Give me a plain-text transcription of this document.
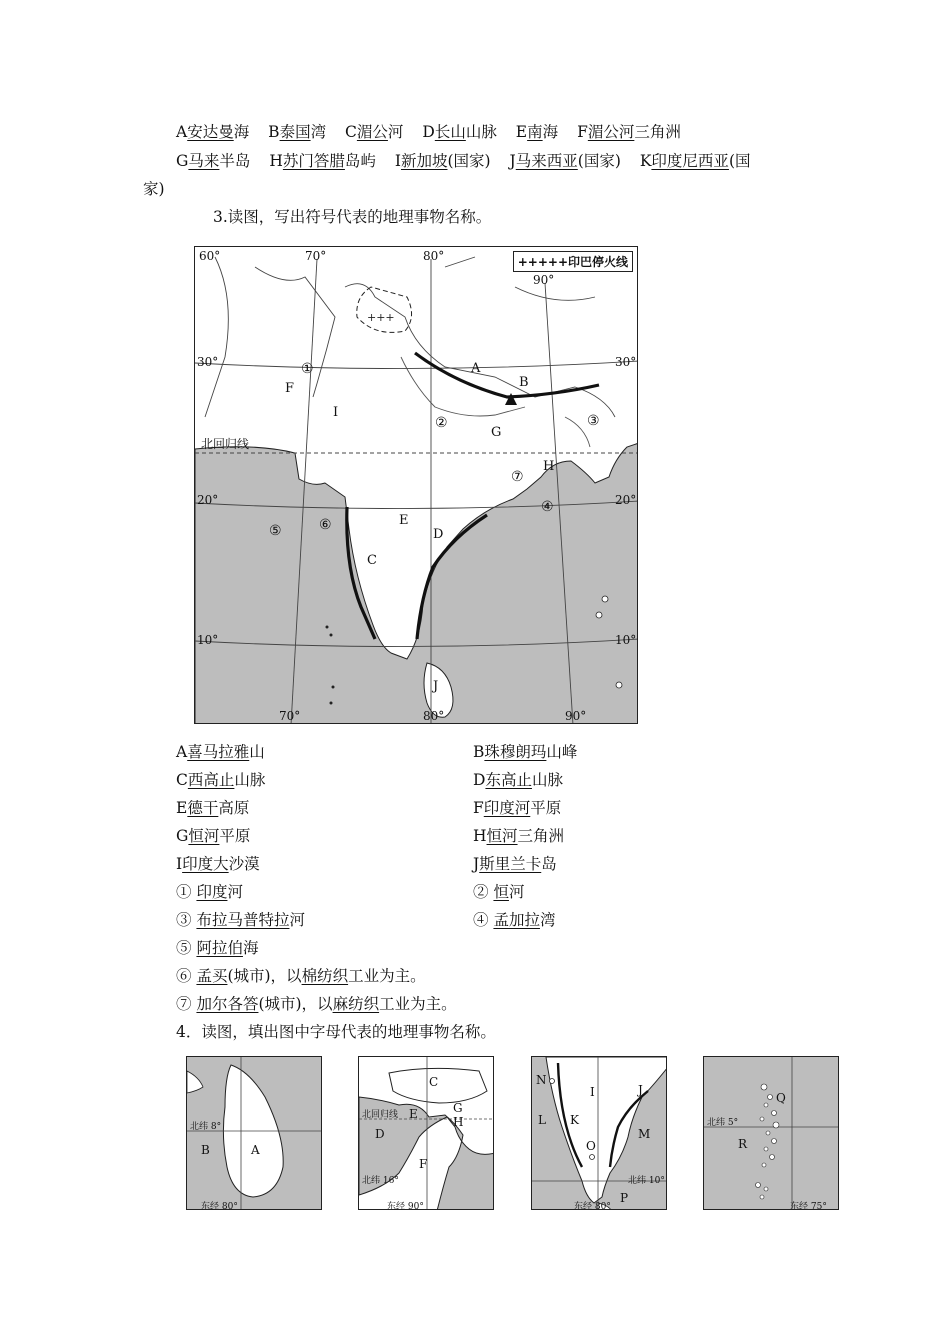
A安达曼海 B泰国湾 C湄公河 D长山山脉 E南海 F湄公河三角洲
G马来半岛 H苏门答腊岛屿 I新加坡(国家) J马来西亚(国家) K印度尼西亚(国
家)
3.读图，写出符号代表的地理事物名称。
+++
+++++印巴停火线
北回归线
60°	70°	80°
90°
70°	80°	90°
30°
20°
10°
30°
20°
10°
A
B
C
D
E
F
G
H
I
J
①
②	③
④
⑤	⑥
⑦
A喜马拉雅山	B珠穆朗玛山峰
C西高止山脉	D东高止山脉
E德干高原	F印度河平原
G恒河平原	H恒河三角洲
I印度大沙漠	J斯里兰卡岛
① 印度河	② 恒河
③ 布拉马普特拉河	④ 孟加拉湾
⑤ 阿拉伯海
⑥ 孟买(城市)，以棉纺织工业为主。
⑦ 加尔各答(城市)，以麻纺织工业为主。
4．读图，填出图中字母代表的地理事物名称。
北纬 8°
东经 80°
A
B
北回归线
北纬 16°
东经 90°
C
D
E
F
G
H
北纬 10°
东经 80°
I	J
K
L
M
N
O
P
北纬 5°
东经 75°
Q
R
